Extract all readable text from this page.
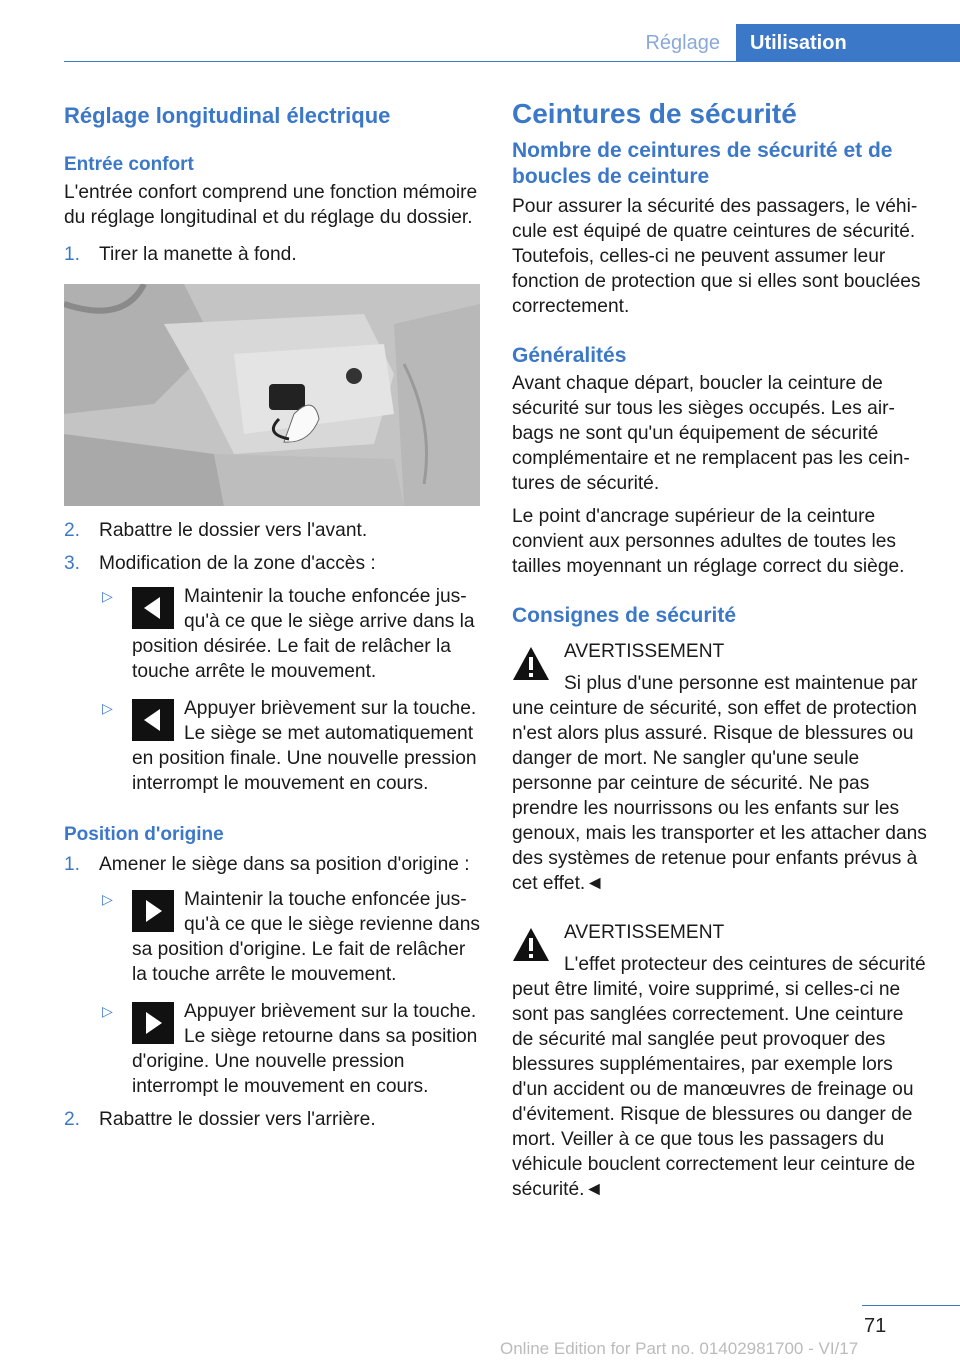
Réglage	Utilisation
Réglage longitudinal électrique
Entrée confort

L'entrée confort comprend une fonction mémoire du réglage longitudinal et du réglage du dossier.

1. Tirer la manette à fond.

2. Rabattre le dossier vers l'avant.

3. Modification de la zone d'accès :

▷	Maintenir la touche enfoncée jusqu'à ce que le siège arrive dans la position désirée. Le fait de relâcher la touche arrête le mouvement.

▷	Appuyer brièvement sur la touche. Le siège se met automatiquement en position finale. Une nouvelle pression interrompt le mouvement en cours.

Position d'origine
1. Amener le siège dans sa position d'origine :

▷	Maintenir la touche enfoncée jusqu'à ce que le siège revienne dans sa position d'origine. Le fait de relâcher la touche arrête le mouvement.

▷	Appuyer brièvement sur la touche. Le siège retourne dans sa position d'origine. Une nouvelle pression interrompt le mouvement en cours.

2. Rabattre le dossier vers l'arrière.

Ceintures de sécurité
Nombre de ceintures de sécurité et de boucles de ceinture

Pour assurer la sécurité des passagers, le véhicule est équipé de quatre ceintures de sécurité. Toutefois, celles-ci ne peuvent assumer leur fonction de protection que si elles sont bouclées correctement.

Généralités

Avant chaque départ, boucler la ceinture de sécurité sur tous les sièges occupés. Les airbags ne sont qu'un équipement de sécurité complémentaire et ne remplacent pas les ceintures de sécurité.

Le point d'ancrage supérieur de la ceinture convient aux personnes adultes de toutes les tailles moyennant un réglage correct du siège.

Consignes de sécurité

AVERTISSEMENT

Si plus d'une personne est maintenue par une ceinture de sécurité, son effet de protection n'est alors plus assuré. Risque de blessures ou danger de mort. Ne sangler qu'une seule personne par ceinture de sécurité. Ne pas prendre les nourrissons ou les enfants sur les genoux, mais les transporter et les attacher dans des systèmes de retenue pour enfants prévus à cet effet.◄

AVERTISSEMENT

L'effet protecteur des ceintures de sécurité peut être limité, voire supprimé, si celles-ci ne sont pas sanglées correctement. Une ceinture de sécurité mal sanglée peut provoquer des blessures supplémentaires, par exemple lors d'un accident ou de manœuvres de freinage ou d'évitement. Risque de blessures ou danger de mort. Veiller à ce que tous les passagers du véhicule bouclent correctement leur ceinture de sécurité.◄

71
Online Edition for Part no. 01402981700 - VI/17
